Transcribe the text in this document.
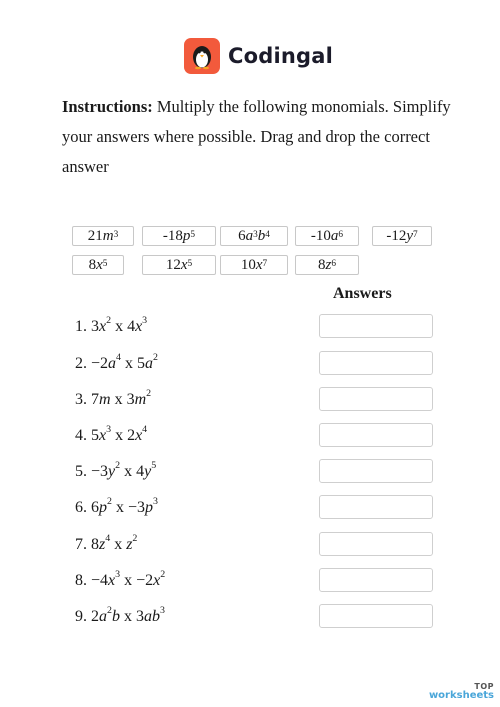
Codingal

Instructions: Multiply the following monomials. Simplify your answers where possible. Drag and drop the correct answer

21 $m^3$	-18 $p^5$	6 $a^3$ $b^4$	-10 $a^6$	-12 $y^7$
8 $x^5$	12 $x^5$	10 $x^7$	8 $z^6$
Answers
1. $3x^2$ x $4x^3$
2. $-2a^4$ x $5a^2$
3. 7m x $3m^2$
4. $5x^3$ x $2x^4$
5. $-3y^2$ x $4y^5$
6. $6p^2$ $x -3p^3$
7. $8z^4$ x $z^2$
8. $-4x^3$ $x -2x^2$
9. $2a^2b$ x $3ab^3$
TOP
worksheets
